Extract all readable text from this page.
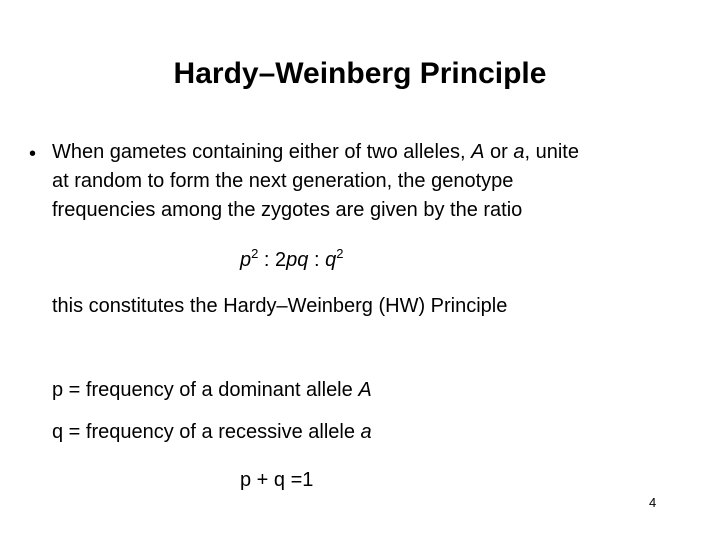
Hardy–Weinberg Principle
• When gametes containing either of two alleles, A or a, unite
at random to form the next generation, the genotype
frequencies among the zygotes are given by the ratio
$p^2$ : 2pq : $q^2$
this constitutes the Hardy–Weinberg (HW) Principle
p = frequency of a dominant allele A
q = frequency of a recessive allele a
p + q =1
4
